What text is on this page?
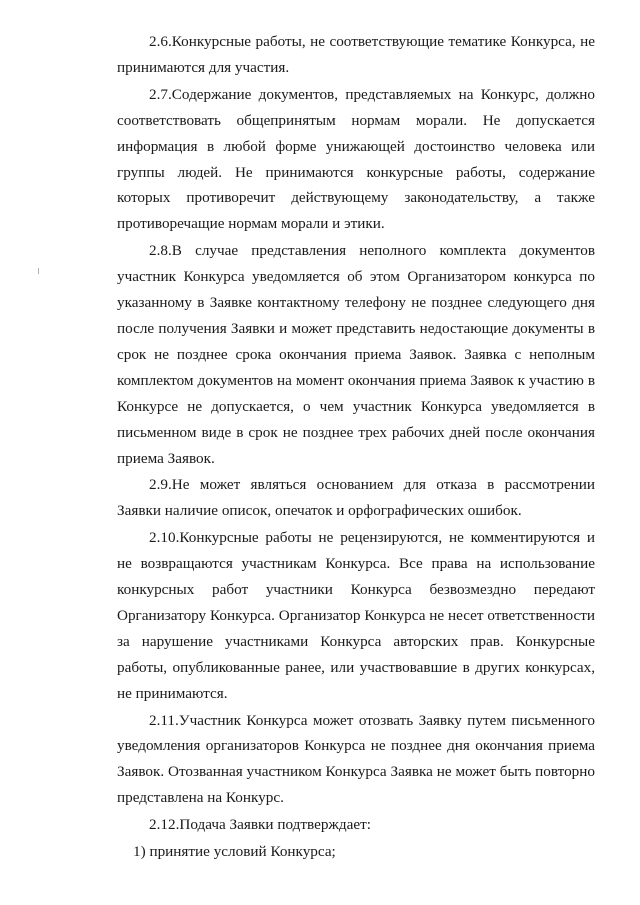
2.6.Конкурсные работы, не соответствующие тематике Конкурса, не принимаются для участия.

2.7.Содержание документов, представляемых на Конкурс, должно соответствовать общепринятым нормам морали. Не допускается информация в любой форме унижающей достоинство человека или группы людей. Не принимаются конкурсные работы, содержание которых противоречит действующему законодательству, а также противоречащие нормам морали и этики.

2.8.В случае представления неполного комплекта документов участник Конкурса уведомляется об этом Организатором конкурса по указанному в Заявке контактному телефону не позднее следующего дня после получения Заявки и может представить недостающие документы в срок не позднее срока окончания приема Заявок. Заявка с неполным комплектом документов на момент окончания приема Заявок к участию в Конкурсе не допускается, о чем участник Конкурса уведомляется в письменном виде в срок не позднее трех рабочих дней после окончания приема Заявок.

2.9.Не может являться основанием для отказа в рассмотрении Заявки наличие описок, опечаток и орфографических ошибок.

2.10.Конкурсные работы не рецензируются, не комментируются и не возвращаются участникам Конкурса. Все права на использование конкурсных работ участники Конкурса безвозмездно передают Организатору Конкурса. Организатор Конкурса не несет ответственности за нарушение участниками Конкурса авторских прав. Конкурсные работы, опубликованные ранее, или участвовавшие в других конкурсах, не принимаются.

2.11.Участник Конкурса может отозвать Заявку путем письменного уведомления организаторов Конкурса не позднее дня окончания приема Заявок. Отозванная участником Конкурса Заявка не может быть повторно представлена на Конкурс.

2.12.Подача Заявки подтверждает:

1) принятие условий Конкурса;
